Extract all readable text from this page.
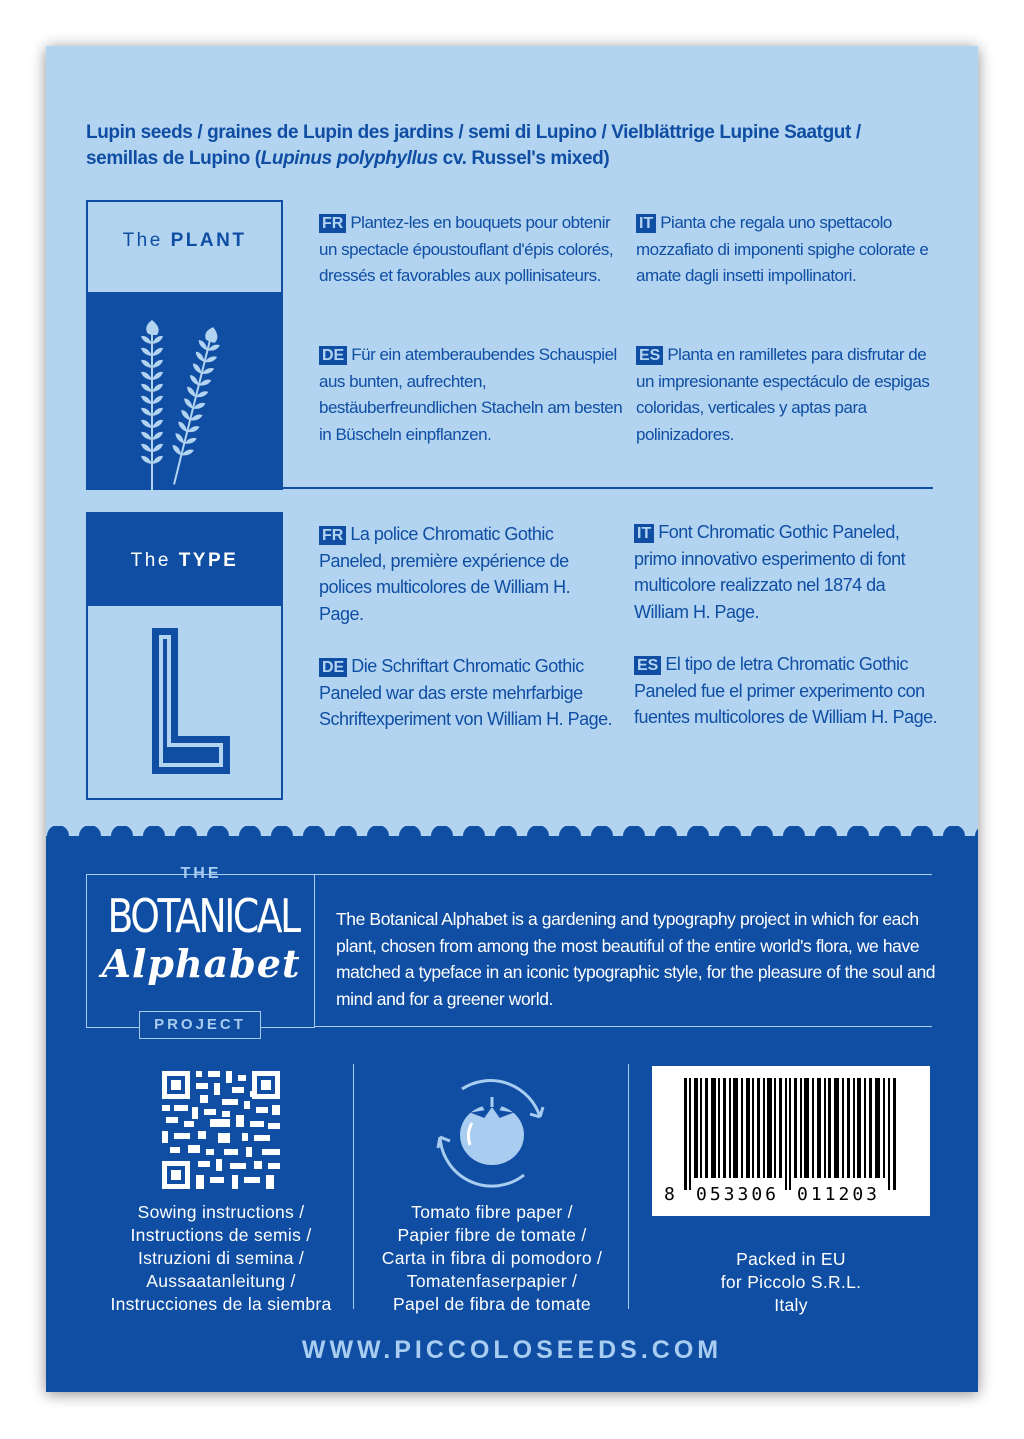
Lupin seeds / graines de Lupin des jardins / semi di Lupino / Vielblättrige Lupine Saatgut /
semillas de Lupino (Lupinus polyphyllus cv. Russel's mixed)
The PLANT
FR Plantez-les en bouquets pour obtenir un spectacle époustouflant d'épis colorés, dressés et favorables aux pollinisateurs.
IT Pianta che regala uno spettacolo mozzafiato di imponenti spighe colorate e amate dagli insetti impollinatori.
DE Für ein atemberaubendes Schauspiel aus bunten, aufrechten, bestäuberfreundlichen Stacheln am besten in Büscheln einpflanzen.
ES Planta en ramilletes para disfrutar de un impresionante espectáculo de espigas coloridas, verticales y aptas para polinizadores.
The TYPE
FR La police Chromatic Gothic Paneled, première expérience de polices multicolores de William H. Page.
IT Font Chromatic Gothic Paneled, primo innovativo esperimento di font multicolore realizzato nel 1874 da William H. Page.
DE Die Schriftart Chromatic Gothic Paneled war das erste mehrfarbige Schriftexperiment von William H. Page.
ES El tipo de letra Chromatic Gothic Paneled fue el primer experimento con fuentes multicolores de William H. Page.
THE
BOTANICAL
Alphabet
PROJECT
The Botanical Alphabet is a gardening and typography project in which for each plant, chosen from among the most beautiful of the entire world's flora, we have matched a typeface in an iconic typographic style, for the pleasure of the soul and mind and for a greener world.
Sowing instructions /
Instructions de semis /
Istruzioni di semina /
Aussaatanleitung /
Instrucciones de la siembra
Tomato fibre paper /
Papier fibre de tomate /
Carta in fibra di pomodoro /
Tomatenfaserpapier /
Papel de fibra de tomate
8 053306 011203
Packed in EU
for Piccolo S.R.L.
Italy
WWW.PICCOLOSEEDS.COM
